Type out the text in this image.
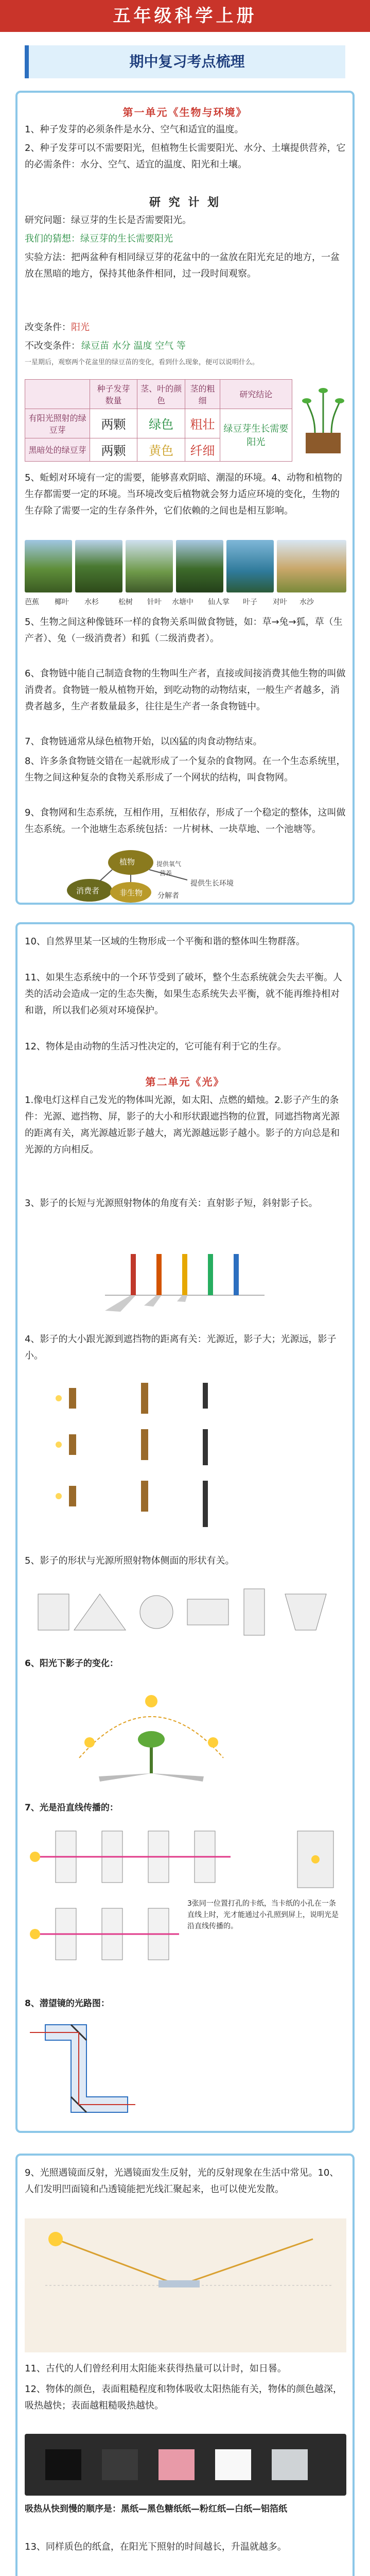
五年级科学上册
期中复习考点梳理
第一单元《生物与环境》
1、种子发芽的必须条件是水分、空气和适宜的温度。
2、种子发芽可以不需要阳光，但植物生长需要阳光、水分、土壤提供营养，它的必需条件：水分、空气、适宜的温度、阳光和土壤。
研 究 计 划
研究问题：绿豆芽的生长是否需要阳光。
我们的猜想：绿豆芽的生长需要阳光
实验方法：把两盆种有相同绿豆芽的花盆中的一盆放在阳光充足的地方，一盆放在黑暗的地方，保持其他条件相同，过一段时间观察。
改变条件： 阳光
不改变条件： 绿豆苗 水分 温度 空气 等
一星期后，观察两个花盆里的绿豆苗的变化，看到什么现象，便可以说明什么。
	种子发芽数量	茎、叶的颜色	茎的粗细	研究结论
有阳光照射的绿豆芽	两颗	绿色	粗壮	绿豆芽生长需要阳光
黑暗处的绿豆芽	两颗	黄色	纤细	
5、蚯蚓对环境有一定的需要，能够喜欢阴暗、潮湿的环境。4、动物和植物的生存都需要一定的环境。当环境改变后植物就会努力适应环境的变化，生物的生存除了需要一定的生存条件外，它们依赖的之间也是相互影响。
芭蕉 椰叶 水杉	松树 针叶 水塘中 仙人掌 叶子 对叶 水沙
5、生物之间这种像链环一样的食物关系叫做食物链，如：草→兔→狐，草（生产者）、兔（一级消费者）和狐（二级消费者）。
6、食物链中能自己制造食物的生物叫生产者，直接或间接消费其他生物的叫做消费者。食物链一般从植物开始，到吃动物的动物结束，一般生产者越多，消费者越多，生产者数量最多，往往是生产者一条食物链中。
7、食物链通常从绿色植物开始，以凶猛的肉食动物结束。
8、许多条食物链交错在一起就形成了一个复杂的食物网。在一个生态系统里，生物之间这种复杂的食物关系形成了一个网状的结构，叫食物网。
9、食物网和生态系统，互相作用，互相依存，形成了一个稳定的整体，这叫做生态系统。一个池塘生态系统包括：一片树林、一块草地、一个池塘等。
植物
消费者	非生物
提供氧气
营养
提供生长环境
分解者
10、自然界里某一区域的生物形成一个平衡和谐的整体叫生物群落。
11、如果生态系统中的一个环节受到了破坏，整个生态系统就会失去平衡。人类的活动会造成一定的生态失衡，如果生态系统失去平衡，就不能再维持相对和谐，所以我们必须对环境保护。
12、物体是由动物的生活习性决定的，它可能有利于它的生存。
第二单元《光》
1.像电灯这样自己发光的物体叫光源，如太阳、点燃的蜡烛。2.影子产生的条件：光源、遮挡物、屏，影子的大小和形状跟遮挡物的位置，同遮挡物离光源的距离有关，离光源越近影子越大，离光源越远影子越小。影子的方向总是和光源的方向相反。
3、影子的长短与光源照射物体的角度有关：直射影子短，斜射影子长。
4、影子的大小跟光源到遮挡物的距离有关：光源近，影子大；光源远，影子小。
5、影子的形状与光源所照射物体侧面的形状有关。
6、阳光下影子的变化：
7、光是沿直线传播的：
3张同一位置打孔的卡纸，当卡纸的小孔在一条直线上时，光才能通过小孔照到屏上，说明光是沿直线传播的。
8、潜望镜的光路图：
9、光照遇镜面反射，光遇镜面发生反射，光的反射现象在生活中常见。10、人们发明凹面镜和凸透镜能把光线汇聚起来，也可以使光发散。
11、古代的人们曾经利用太阳能来获得热量可以计时，如日晷。
12、物体的颜色，表面粗糙程度和物体吸收太阳热能有关，物体的颜色越深，吸热越快；表面越粗糙吸热越快。
吸热从快到慢的顺序是：黑纸—黑色糖纸纸—粉红纸—白纸—铝箔纸
13、同样质色的纸盒，在阳光下照射的时间越长，升温就越多。
